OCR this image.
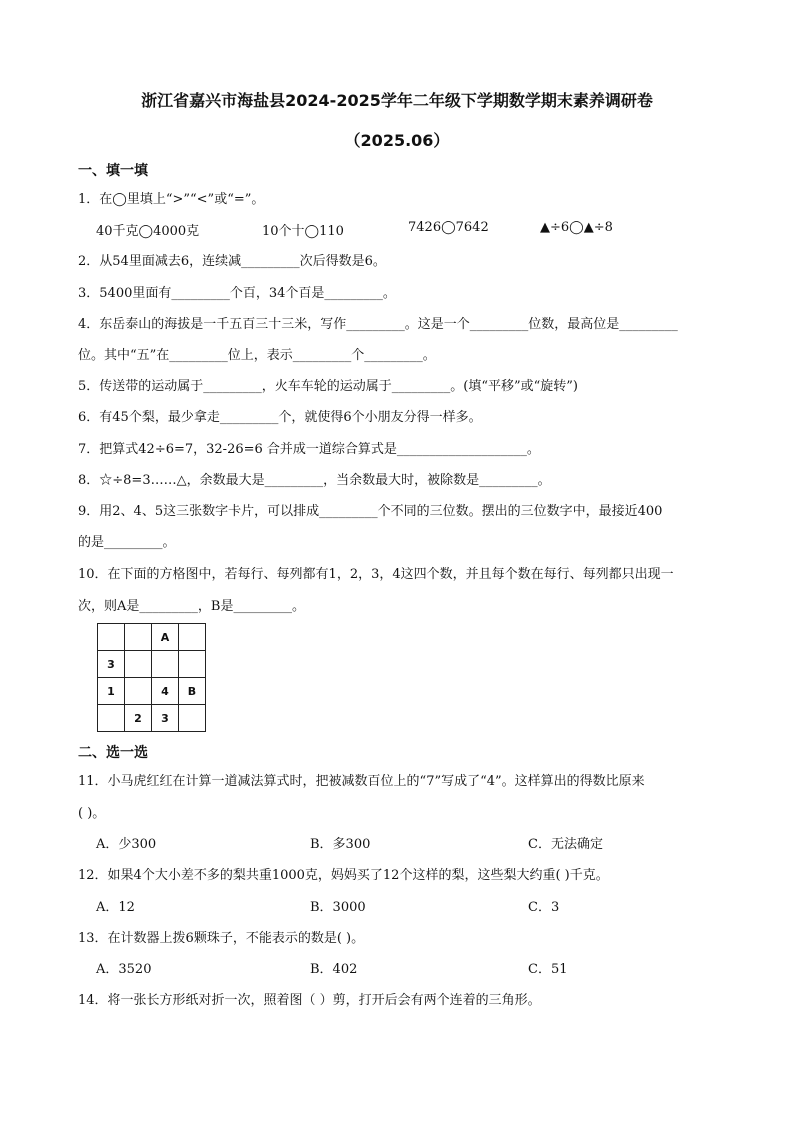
浙江省嘉兴市海盐县2024-2025学年二年级下学期数学期末素养调研卷
（2025.06）
一、填一填
1．在◯里填上“>”“<”或“=”。
40千克◯4000克	10个十◯110	7426◯7642	▲÷6◯▲÷8
2．从54里面减去6，连续减_________次后得数是6。
3．5400里面有_________个百，34个百是_________。
4．东岳泰山的海拔是一千五百三十三米，写作_________。这是一个_________位数，最高位是_________
位。其中“五”在_________位上，表示_________个_________。
5．传送带的运动属于_________，火车车轮的运动属于_________。(填“平移”或“旋转”)
6．有45个梨，最少拿走_________个，就使得6个小朋友分得一样多。
7．把算式42÷6=7，32-26=6 合并成一道综合算式是____________________。
8．☆÷8=3……△，余数最大是_________，当余数最大时，被除数是_________。
9．用2、4、5这三张数字卡片，可以排成_________个不同的三位数。摆出的三位数字中，最接近400
的是_________。
10．在下面的方格图中，若每行、每列都有1，2，3，4这四个数，并且每个数在每行、每列都只出现一
次，则A是_________，B是_________。
		A	
3			
1		4	B
	2	3	
二、选一选
11．小马虎红红在计算一道减法算式时，把被减数百位上的“7”写成了“4”。这样算出的得数比原来
( )。
A．少300	B．多300	C．无法确定
12．如果4个大小差不多的梨共重1000克，妈妈买了12个这样的梨，这些梨大约重( )千克。
A．12	B．3000	C．3
13．在计数器上拨6颗珠子，不能表示的数是( )。
A．3520	B．402	C．51
14．将一张长方形纸对折一次，照着图（ ）剪，打开后会有两个连着的三角形。
